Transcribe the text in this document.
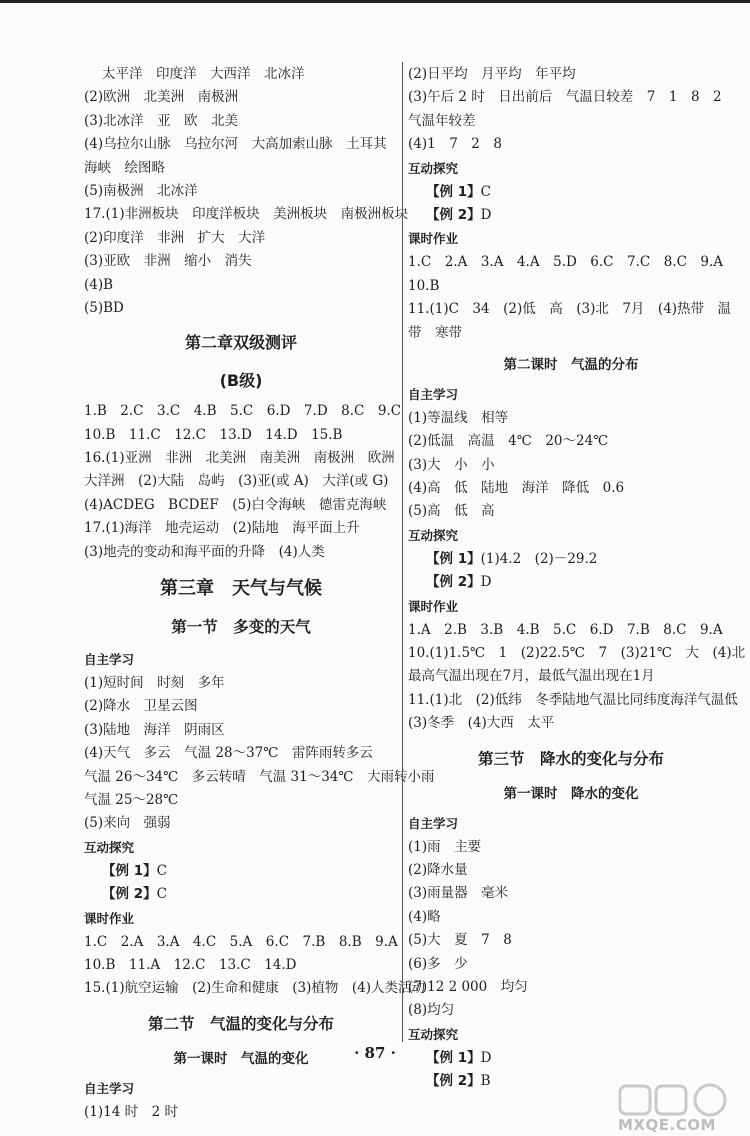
太平洋　印度洋　大西洋　北冰洋
(2)欧洲　北美洲　南极洲
(3)北冰洋　亚　欧　北美
(4)乌拉尔山脉　乌拉尔河　大高加索山脉　土耳其
海峡　绘图略
(5)南极洲　北冰洋
17.(1)非洲板块　印度洋板块　美洲板块　南极洲板块
(2)印度洋　非洲　扩大　大洋
(3)亚欧　非洲　缩小　消失
(4)B
(5)BD
第二章双级测评
(B级)
1.B　2.C　3.C　4.B　5.C　6.D　7.D　8.C　9.C
10.B　11.C　12.C　13.D　14.D　15.B
16.(1)亚洲　非洲　北美洲　南美洲　南极洲　欧洲
大洋洲　(2)大陆　岛屿　(3)亚(或 A)　大洋(或 G)
(4)ACDEG　BCDEF　(5)白令海峡　德雷克海峡
17.(1)海洋　地壳运动　(2)陆地　海平面上升
(3)地壳的变动和海平面的升降　(4)人类
第三章　天气与气候
第一节　多变的天气
自主学习
(1)短时间　时刻　多年
(2)降水　卫星云图
(3)陆地　海洋　阴雨区
(4)天气　多云　气温 28～37℃　雷阵雨转多云
气温 26～34℃　多云转晴　气温 31～34℃　大雨转小雨
气温 25～28℃
(5)来向　强弱
互动探究
【例 1】C
【例 2】C
课时作业
1.C　2.A　3.A　4.C　5.A　6.C　7.B　8.B　9.A
10.B　11.A　12.C　13.C　14.D
15.(1)航空运输　(2)生命和健康　(3)植物　(4)人类活动
第二节　气温的变化与分布
第一课时　气温的变化
自主学习
(1)14 时　2 时
(2)日平均　月平均　年平均
(3)午后 2 时　日出前后　气温日较差　7　1　8　2
气温年较差
(4)1　7　2　8
互动探究
【例 1】C
【例 2】D
课时作业
1.C　2.A　3.A　4.A　5.D　6.C　7.C　8.C　9.A
10.B
11.(1)C　34　(2)低　高　(3)北　7月　(4)热带　温
带　寒带
第二课时　气温的分布
自主学习
(1)等温线　相等
(2)低温　高温　4℃　20～24℃
(3)大　小　小
(4)高　低　陆地　海洋　降低　0.6
(5)高　低　高
互动探究
【例 1】(1)4.2　(2)－29.2
【例 2】D
课时作业
1.A　2.B　3.B　4.B　5.C　6.D　7.B　8.C　9.A
10.(1)1.5℃　1　(2)22.5℃　7　(3)21℃　大　(4)北
最高气温出现在7月，最低气温出现在1月
11.(1)北　(2)低纬　冬季陆地气温比同纬度海洋气温低
(3)冬季　(4)大西　太平
第三节　降水的变化与分布
第一课时　降水的变化
自主学习
(1)雨　主要
(2)降水量
(3)雨量器　毫米
(4)略
(5)大　夏　7　8
(6)多　少
(7)12 2 000　均匀
(8)均匀
互动探究
【例 1】D
【例 2】B
· 87 ·
MXQE.COM
